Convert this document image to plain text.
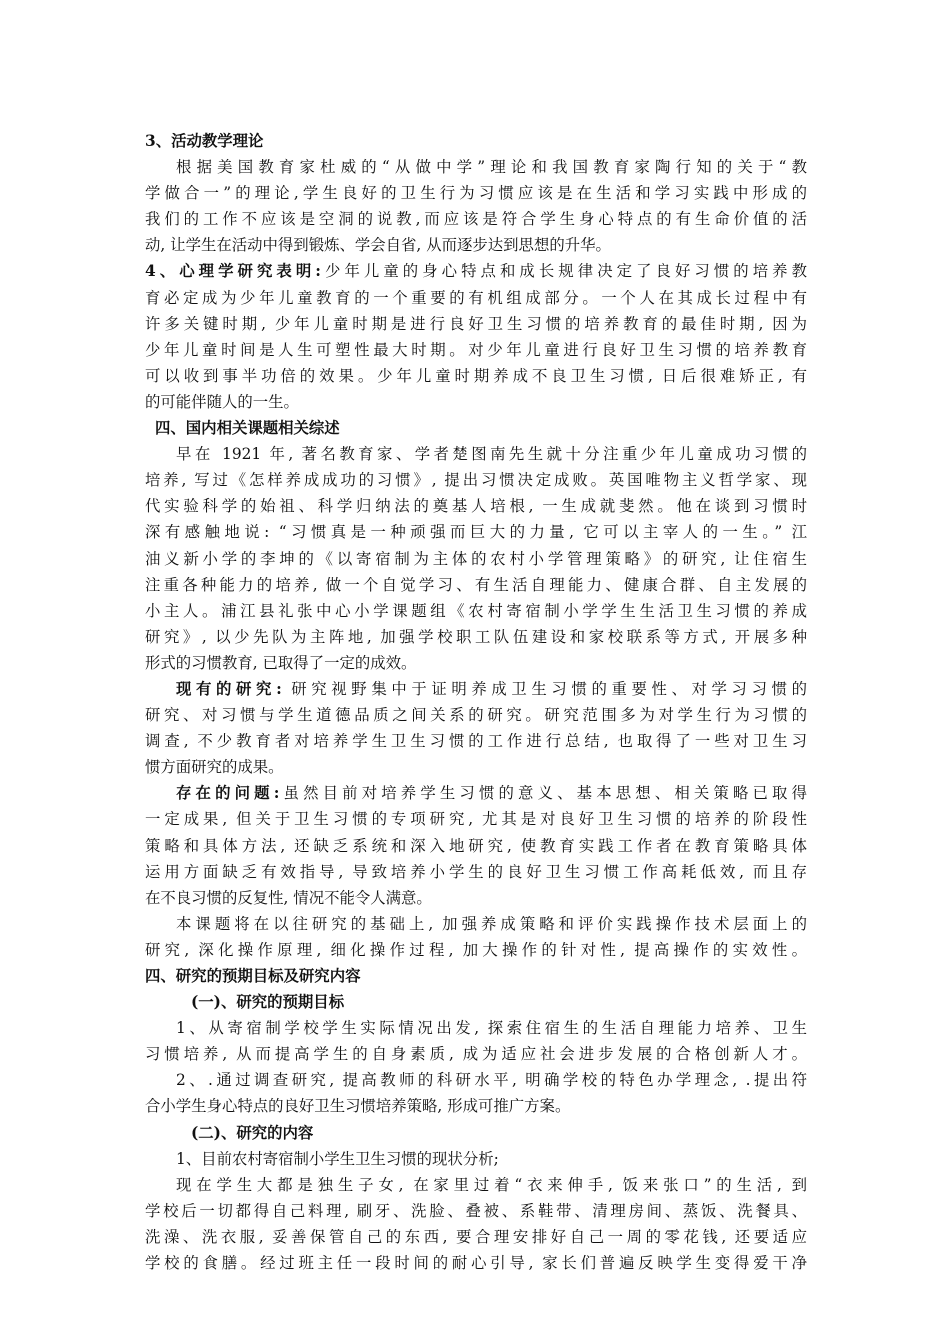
3、活动教学理论
根据美国教育家杜威的“从做中学”理论和我国教育家陶行知的关于“教
学做合一”的理论,学生良好的卫生行为习惯应该是在生活和学习实践中形成的
我们的工作不应该是空洞的说教,而应该是符合学生身心特点的有生命价值的活
动, 让学生在活动中得到锻炼、学会自省, 从而逐步达到思想的升华。
4、心理学研究表明:少年儿童的身心特点和成长规律决定了良好习惯的培养教
育必定成为少年儿童教育的一个重要的有机组成部分。一个人在其成长过程中有
许多关键时期, 少年儿童时期是进行良好卫生习惯的培养教育的最佳时期, 因为
少年儿童时间是人生可塑性最大时期。对少年儿童进行良好卫生习惯的培养教育
可以收到事半功倍的效果。少年儿童时期养成不良卫生习惯, 日后很难矫正, 有
的可能伴随人的一生。
四、国内相关课题相关综述
早在 1921 年, 著名教育家、学者楚图南先生就十分注重少年儿童成功习惯的
培养, 写过《怎样养成成功的习惯》, 提出习惯决定成败。英国唯物主义哲学家、现
代实验科学的始祖、科学归纳法的奠基人培根, 一生成就斐然。他在谈到习惯时
深有感触地说: “习惯真是一种顽强而巨大的力量, 它可以主宰人的一生。” 江
油义新小学的李坤的《以寄宿制为主体的农村小学管理策略》的研究, 让住宿生
注重各种能力的培养, 做一个自觉学习、有生活自理能力、健康合群、自主发展的
小主人。浦江县礼张中心小学课题组《农村寄宿制小学学生生活卫生习惯的养成
研究》, 以少先队为主阵地, 加强学校职工队伍建设和家校联系等方式, 开展多种
形式的习惯教育, 已取得了一定的成效。
现有的研究: 研究视野集中于证明养成卫生习惯的重要性、对学习习惯的
研究、对习惯与学生道德品质之间关系的研究。研究范围多为对学生行为习惯的
调查, 不少教育者对培养学生卫生习惯的工作进行总结, 也取得了一些对卫生习
惯方面研究的成果。
存在的问题:虽然目前对培养学生习惯的意义、基本思想、相关策略已取得
一定成果, 但关于卫生习惯的专项研究, 尤其是对良好卫生习惯的培养的阶段性
策略和具体方法, 还缺乏系统和深入地研究, 使教育实践工作者在教育策略具体
运用方面缺乏有效指导, 导致培养小学生的良好卫生习惯工作高耗低效, 而且存
在不良习惯的反复性, 情况不能令人满意。
本课题将在以往研究的基础上, 加强养成策略和评价实践操作技术层面上的
研究, 深化操作原理, 细化操作过程, 加大操作的针对性, 提高操作的实效性。
四、研究的预期目标及研究内容
(一)、研究的预期目标
1、从寄宿制学校学生实际情况出发, 探索住宿生的生活自理能力培养、卫生
习惯培养, 从而提高学生的自身素质, 成为适应社会进步发展的合格创新人才。
2、.通过调查研究, 提高教师的科研水平, 明确学校的特色办学理念, .提出符
合小学生身心特点的良好卫生习惯培养策略, 形成可推广方案。
(二)、研究的内容
1、目前农村寄宿制小学生卫生习惯的现状分析;
现在学生大都是独生子女, 在家里过着“衣来伸手, 饭来张口”的生活, 到
学校后一切都得自己料理, 刷牙、洗脸、叠被、系鞋带、清理房间、蒸饭、洗餐具、
洗澡、洗衣服, 妥善保管自己的东西, 要合理安排好自己一周的零花钱, 还要适应
学校的食膳。经过班主任一段时间的耐心引导, 家长们普遍反映学生变得爱干净
